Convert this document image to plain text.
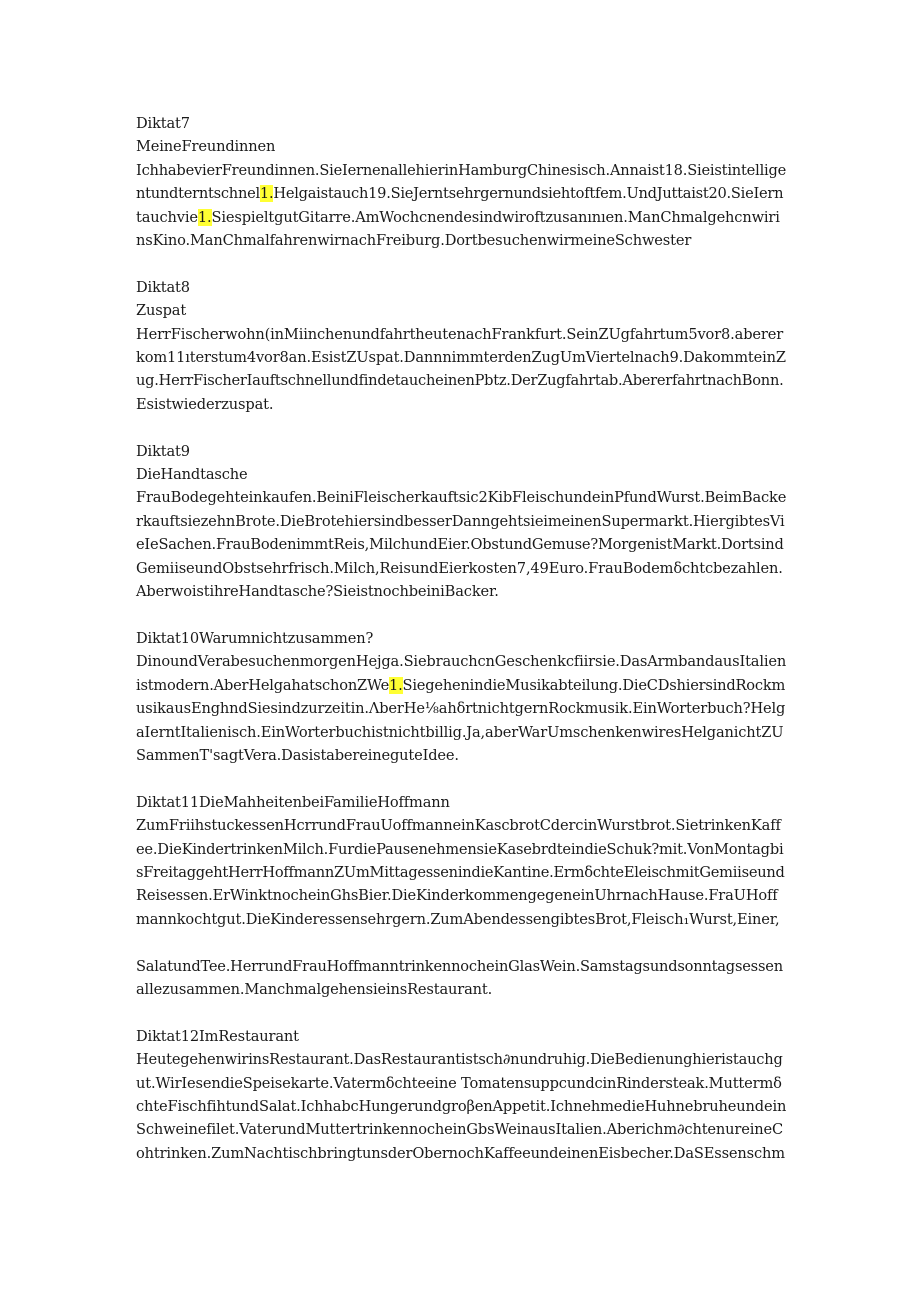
Diktat7

MeineFreundinnen

IchhabevierFreundinnen.SieIernenallehierinHamburgChinesisch.Annaist18.Sieistintellige

ntundterntschnel1.Helgaistauch19.SieJerntsehrgernundsiehtoftfem.UndJuttaist20.SieIern

tauchvie1.SiespieltgutGitarre.AmWochcnendesindwiroftzusanınıen.ManChmalgehcnwiri

nsKino.ManChmalfahrenwirnachFreiburg.DortbesuchenwirmeineSchwester

Diktat8

Zuspat

HerrFischerwohn(inMiinchenundfahrtheutenachFrankfurt.SeinZUgfahrtum5vor8.aberer

kom11ıterstum4vor8an.EsistZUspat.DannnimmterdenZugUmViertelnach9.DakommteinZ

ug.HerrFischerIauftschnellundfindetaucheinenPbtz.DerZugfahrtab.AbererfahrtnachBonn.

Esistwiederzuspat.

Diktat9

DieHandtasche

FrauBodegehteinkaufen.BeiniFleischerkauftsic2KibFleischundeinPfundWurst.BeimBacke

rkauftsiezehnBrote.DieBrotehiersindbesserDanngehtsieimeinenSupermarkt.HiergibtesVi

eIeSachen.FrauBodenimmtReis,MilchundEier.ObstundGemuse?MorgenistMarkt.Dortsind

GemiiseundObstsehrfrisch.Milch,ReisundEierkosten7,49Euro.FrauBodemδchtcbezahlen.

AberwoistihreHandtasche?SieistnochbeiniBacker.

Diktat10Warumnichtzusammen?

DinoundVerabesuchenmorgenHejga.SiebrauchcnGeschenkcfiirsie.DasArmbandausItalien

istmodern.AberHelgahatschonZWe1.SiegehenindieMusikabteilung.DieCDshiersindRockm

usikausEnghndSiesindzurzeitin.ΛberHe⅛ahδrtnichtgernRockmusik.EinWorterbuch?Helg

aIerntItalienisch.EinWorterbuchistnichtbillig.Ja,aberWarUmschenkenwiresHelganichtZU

SammenT'sagtVera.DasistabereineguteIdee.

Diktat11DieMahheitenbeiFamilieHoffmann

ZumFriihstuckessenHcrrundFrauUoffmanneinKascbrotCdercinWurstbrot.SietrinkenKaff

ee.DieKindertrinkenMilch.FurdiePausenehmensieKasebrdteindieSchuk?mit.VonMontagbi

sFreitaggehtHerrHoffmannZUmMittagessenindieKantine.ErmδchteEleischmitGemiiseund

Reisessen.ErWinktnocheinGhsBier.DieKinderkommengegeneinUhrnachHause.FraUHoff

mannkochtgut.DieKinderessensehrgern.ZumAbendessengibtesBrot,Fleisch₁Wurst,Einer,

SalatundTee.HerrundFrauHoffmanntrinkennocheinGlasWein.Samstagsundsonntagsessen

allezusammen.ManchmalgehensieinsRestaurant.

Diktat12ImRestaurant

HeutegehenwirinsRestaurant.DasRestaurantistsch∂nundruhig.DieBedienunghieristauchg

ut.WirIesendieSpeisekarte.Vatermδchteeine TomatensuppcundcinRindersteak.Muttermδ

chteFischfihtundSalat.IchhabcHungerundgroβenAppetit.IchnehmedieHuhnebruheundein

Schweinefilet.VaterundMuttertrinkennocheinGbsWeinausItalien.Aberichm∂chtenureineC

ohtrinken.ZumNachtischbringtunsderObernochKaffeeundeinenEisbecher.DaSEssenschm
